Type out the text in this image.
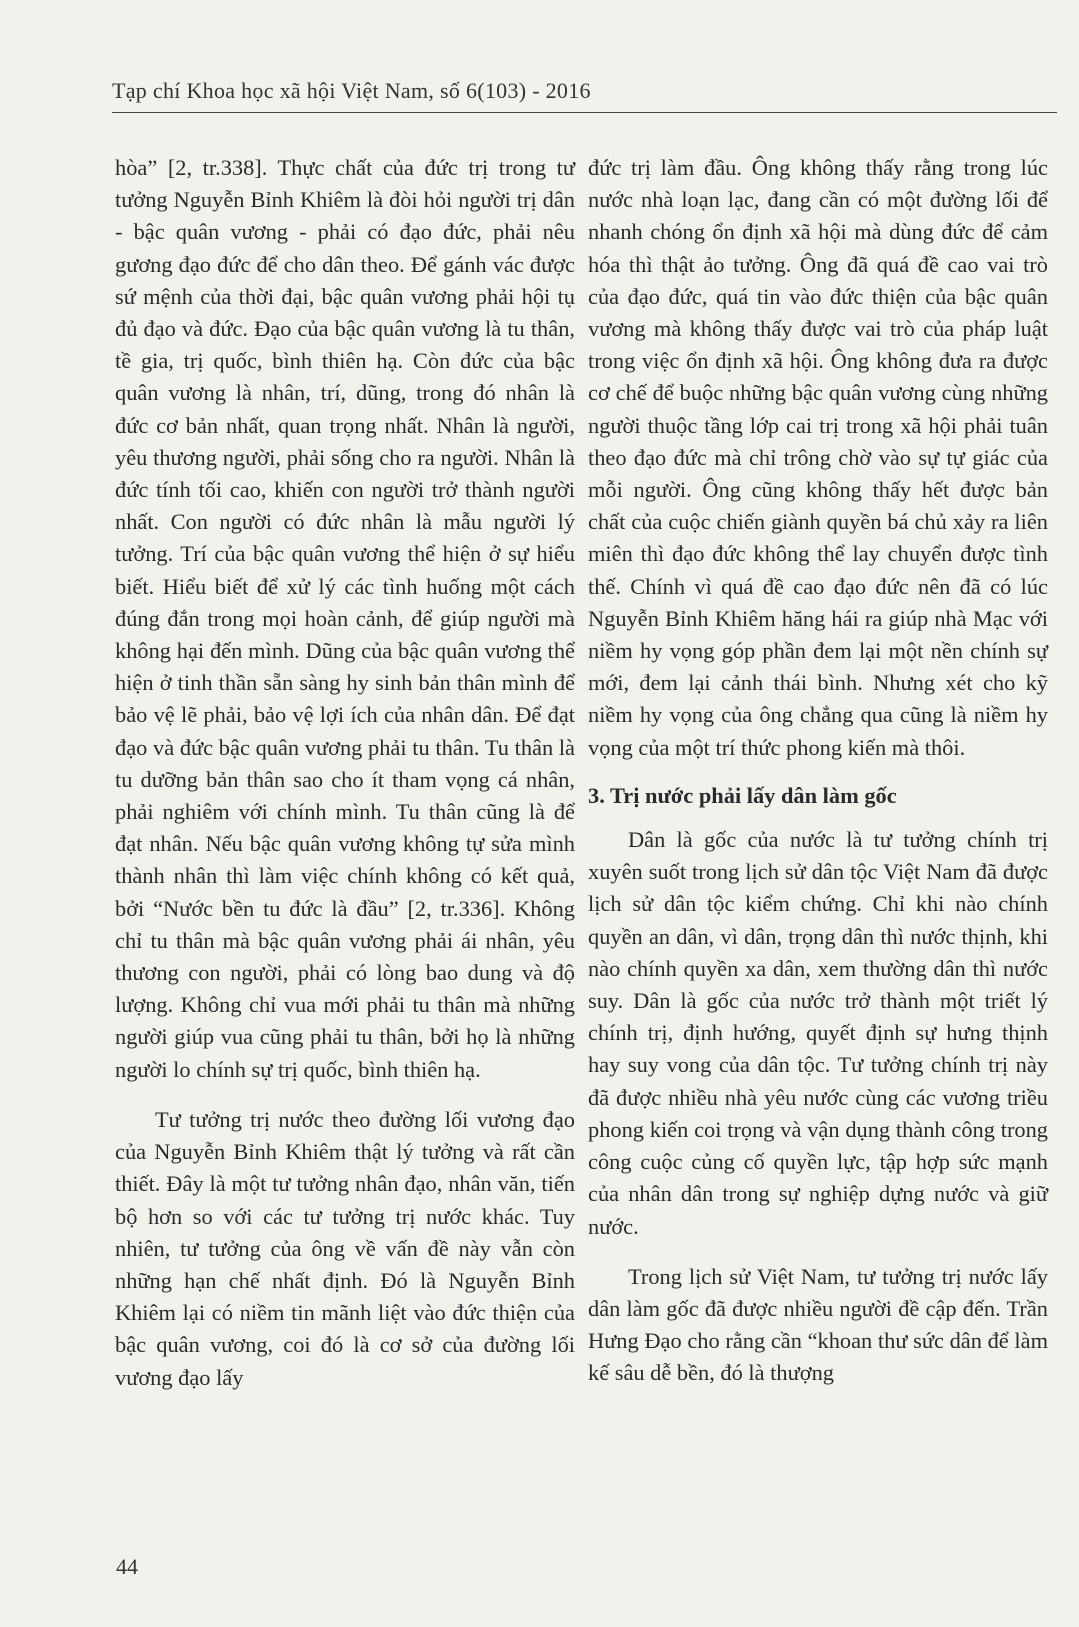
Tạp chí Khoa học xã hội Việt Nam, số 6(103) - 2016

hòa” [2, tr.338]. Thực chất của đức trị trong tư tưởng Nguyễn Bỉnh Khiêm là đòi hỏi người trị dân - bậc quân vương - phải có đạo đức, phải nêu gương đạo đức để cho dân theo. Để gánh vác được sứ mệnh của thời đại, bậc quân vương phải hội tụ đủ đạo và đức. Đạo của bậc quân vương là tu thân, tề gia, trị quốc, bình thiên hạ. Còn đức của bậc quân vương là nhân, trí, dũng, trong đó nhân là đức cơ bản nhất, quan trọng nhất. Nhân là người, yêu thương người, phải sống cho ra người. Nhân là đức tính tối cao, khiến con người trở thành người nhất. Con người có đức nhân là mẫu người lý tưởng. Trí của bậc quân vương thể hiện ở sự hiểu biết. Hiểu biết để xử lý các tình huống một cách đúng đắn trong mọi hoàn cảnh, để giúp người mà không hại đến mình. Dũng của bậc quân vương thể hiện ở tinh thần sẵn sàng hy sinh bản thân mình để bảo vệ lẽ phải, bảo vệ lợi ích của nhân dân. Để đạt đạo và đức bậc quân vương phải tu thân. Tu thân là tu dưỡng bản thân sao cho ít tham vọng cá nhân, phải nghiêm với chính mình. Tu thân cũng là để đạt nhân. Nếu bậc quân vương không tự sửa mình thành nhân thì làm việc chính không có kết quả, bởi “Nước bền tu đức là đầu” [2, tr.336]. Không chỉ tu thân mà bậc quân vương phải ái nhân, yêu thương con người, phải có lòng bao dung và độ lượng. Không chỉ vua mới phải tu thân mà những người giúp vua cũng phải tu thân, bởi họ là những người lo chính sự trị quốc, bình thiên hạ.

Tư tưởng trị nước theo đường lối vương đạo của Nguyễn Bỉnh Khiêm thật lý tưởng và rất cần thiết. Đây là một tư tưởng nhân đạo, nhân văn, tiến bộ hơn so với các tư tưởng trị nước khác. Tuy nhiên, tư tưởng của ông về vấn đề này vẫn còn những hạn chế nhất định. Đó là Nguyễn Bỉnh Khiêm lại có niềm tin mãnh liệt vào đức thiện của bậc quân vương, coi đó là cơ sở của đường lối vương đạo lấy

đức trị làm đầu. Ông không thấy rằng trong lúc nước nhà loạn lạc, đang cần có một đường lối để nhanh chóng ổn định xã hội mà dùng đức để cảm hóa thì thật ảo tưởng. Ông đã quá đề cao vai trò của đạo đức, quá tin vào đức thiện của bậc quân vương mà không thấy được vai trò của pháp luật trong việc ổn định xã hội. Ông không đưa ra được cơ chế để buộc những bậc quân vương cùng những người thuộc tầng lớp cai trị trong xã hội phải tuân theo đạo đức mà chỉ trông chờ vào sự tự giác của mỗi người. Ông cũng không thấy hết được bản chất của cuộc chiến giành quyền bá chủ xảy ra liên miên thì đạo đức không thể lay chuyển được tình thế. Chính vì quá đề cao đạo đức nên đã có lúc Nguyễn Bỉnh Khiêm hăng hái ra giúp nhà Mạc với niềm hy vọng góp phần đem lại một nền chính sự mới, đem lại cảnh thái bình. Nhưng xét cho kỹ niềm hy vọng của ông chẳng qua cũng là niềm hy vọng của một trí thức phong kiến mà thôi.

3. Trị nước phải lấy dân làm gốc

Dân là gốc của nước là tư tưởng chính trị xuyên suốt trong lịch sử dân tộc Việt Nam đã được lịch sử dân tộc kiểm chứng. Chỉ khi nào chính quyền an dân, vì dân, trọng dân thì nước thịnh, khi nào chính quyền xa dân, xem thường dân thì nước suy. Dân là gốc của nước trở thành một triết lý chính trị, định hướng, quyết định sự hưng thịnh hay suy vong của dân tộc. Tư tưởng chính trị này đã được nhiều nhà yêu nước cùng các vương triều phong kiến coi trọng và vận dụng thành công trong công cuộc củng cố quyền lực, tập hợp sức mạnh của nhân dân trong sự nghiệp dựng nước và giữ nước.

Trong lịch sử Việt Nam, tư tưởng trị nước lấy dân làm gốc đã được nhiều người đề cập đến. Trần Hưng Đạo cho rằng cần “khoan thư sức dân để làm kế sâu dễ bền, đó là thượng

44
